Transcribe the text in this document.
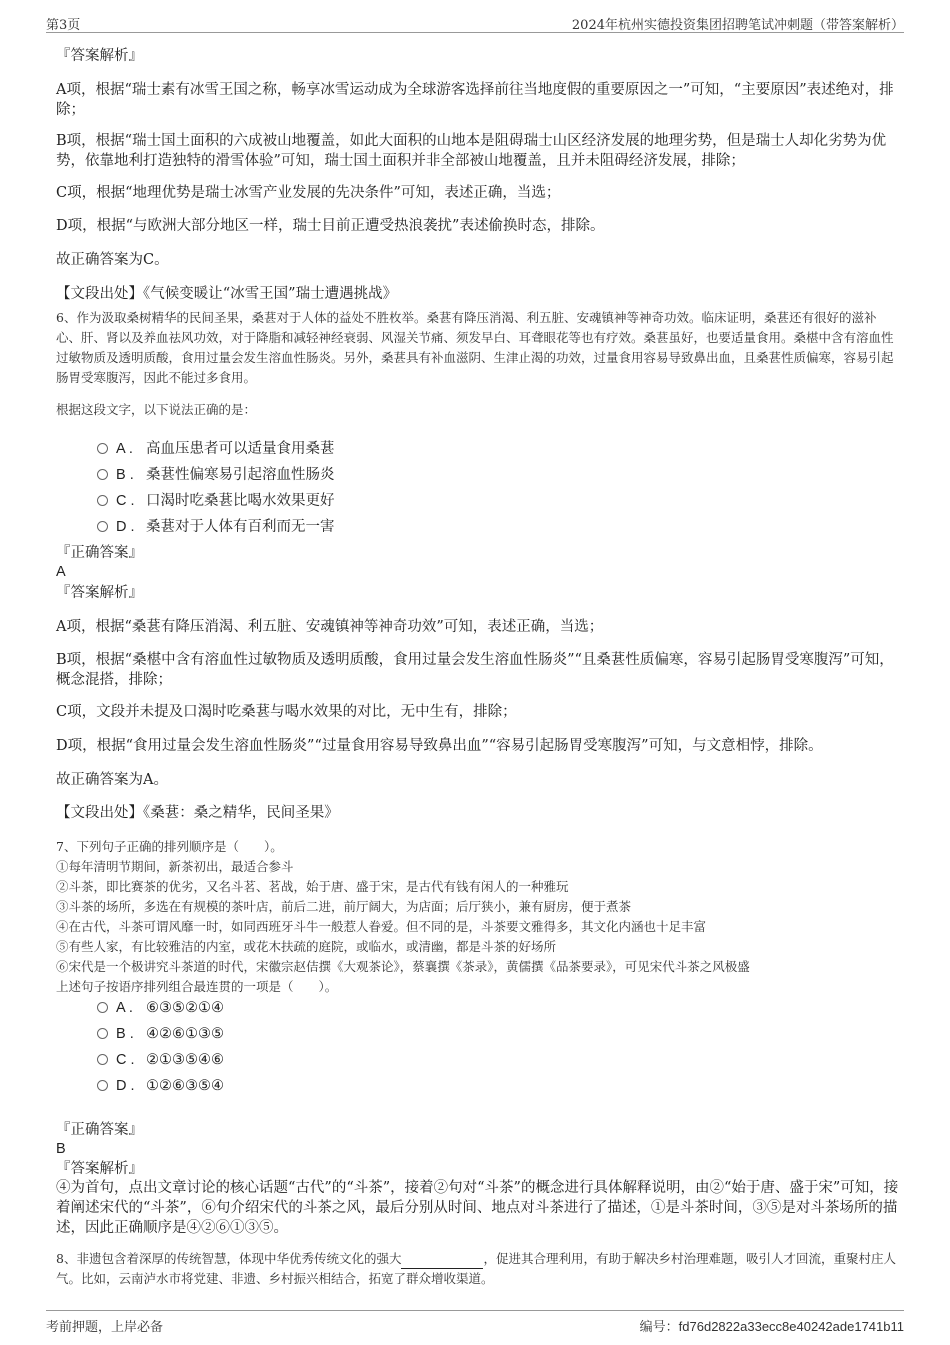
第3页	2024年杭州实德投资集团招聘笔试冲刺题（带答案解析）
『答案解析』
A项，根据“瑞士素有冰雪王国之称，畅享冰雪运动成为全球游客选择前往当地度假的重要原因之一”可知，“主要原因”表述绝对，排除；
B项，根据“瑞士国土面积的六成被山地覆盖，如此大面积的山地本是阻碍瑞士山区经济发展的地理劣势，但是瑞士人却化劣势为优势，依靠地利打造独特的滑雪体验”可知，瑞士国土面积并非全部被山地覆盖，且并未阻碍经济发展，排除；
C项，根据“地理优势是瑞士冰雪产业发展的先决条件”可知，表述正确，当选；
D项，根据“与欧洲大部分地区一样，瑞士目前正遭受热浪袭扰”表述偷换时态，排除。
故正确答案为C。
【文段出处】《气候变暖让“冰雪王国”瑞士遭遇挑战》
6、作为汲取桑树精华的民间圣果，桑葚对于人体的益处不胜枚举。桑葚有降压消渴、利五脏、安魂镇神等神奇功效。临床证明，桑葚还有很好的滋补心、肝、肾以及养血祛风功效，对于降脂和减轻神经衰弱、风湿关节痛、须发早白、耳聋眼花等也有疗效。桑葚虽好，也要适量食用。桑椹中含有溶血性过敏物质及透明质酸，食用过量会发生溶血性肠炎。另外，桑葚具有补血滋阴、生津止渴的功效，过量食用容易导致鼻出血，且桑葚性质偏寒，容易引起肠胃受寒腹泻，因此不能过多食用。
根据这段文字，以下说法正确的是：
A . 高血压患者可以适量食用桑葚
B . 桑葚性偏寒易引起溶血性肠炎
C . 口渴时吃桑葚比喝水效果更好
D . 桑葚对于人体有百利而无一害
『正确答案』
A
『答案解析』
A项，根据“桑葚有降压消渴、利五脏、安魂镇神等神奇功效”可知，表述正确，当选；
B项，根据“桑椹中含有溶血性过敏物质及透明质酸，食用过量会发生溶血性肠炎”“且桑葚性质偏寒，容易引起肠胃受寒腹泻”可知，概念混搭，排除；
C项，文段并未提及口渴时吃桑葚与喝水效果的对比，无中生有，排除；
D项，根据“食用过量会发生溶血性肠炎”“过量食用容易导致鼻出血”“容易引起肠胃受寒腹泻”可知，与文意相悖，排除。
故正确答案为A。
【文段出处】《桑葚：桑之精华，民间圣果》
7、下列句子正确的排列顺序是（　　）。
①每年清明节期间，新茶初出，最适合参斗
②斗茶，即比赛茶的优劣，又名斗茗、茗战，始于唐、盛于宋，是古代有钱有闲人的一种雅玩
③斗茶的场所，多选在有规模的茶叶店，前后二进，前厅阔大，为店面；后厅狭小，兼有厨房，便于煮茶
④在古代，斗茶可谓风靡一时，如同西班牙斗牛一般惹人眷爱。但不同的是，斗茶要文雅得多，其文化内涵也十足丰富
⑤有些人家，有比较雅洁的内室，或花木扶疏的庭院，或临水，或清幽，都是斗茶的好场所
⑥宋代是一个极讲究斗茶道的时代，宋徽宗赵佶撰《大观茶论》，蔡襄撰《茶录》，黄儒撰《品茶要录》，可见宋代斗茶之风极盛
上述句子按语序排列组合最连贯的一项是（　　）。
A . ⑥③⑤②①④
B . ④②⑥①③⑤
C . ②①③⑤④⑥
D . ①②⑥③⑤④
『正确答案』
B
『答案解析』
④为首句，点出文章讨论的核心话题“古代”的“斗茶”，接着②句对“斗茶”的概念进行具体解释说明，由②“始于唐、盛于宋”可知，接着阐述宋代的“斗茶”，⑥句介绍宋代的斗茶之风，最后分别从时间、地点对斗茶进行了描述，①是斗茶时间，③⑤是对斗茶场所的描述，因此正确顺序是④②⑥①③⑤。
8、非遗包含着深厚的传统智慧，体现中华优秀传统文化的强大	，促进其合理利用，有助于解决乡村治理难题，吸引人才回流，重聚村庄人气。比如，云南泸水市将党建、非遗、乡村振兴相结合，拓宽了群众增收渠道。
考前押题，上岸必备	编号：fd76d2822a33ecc8e40242ade1741b11
